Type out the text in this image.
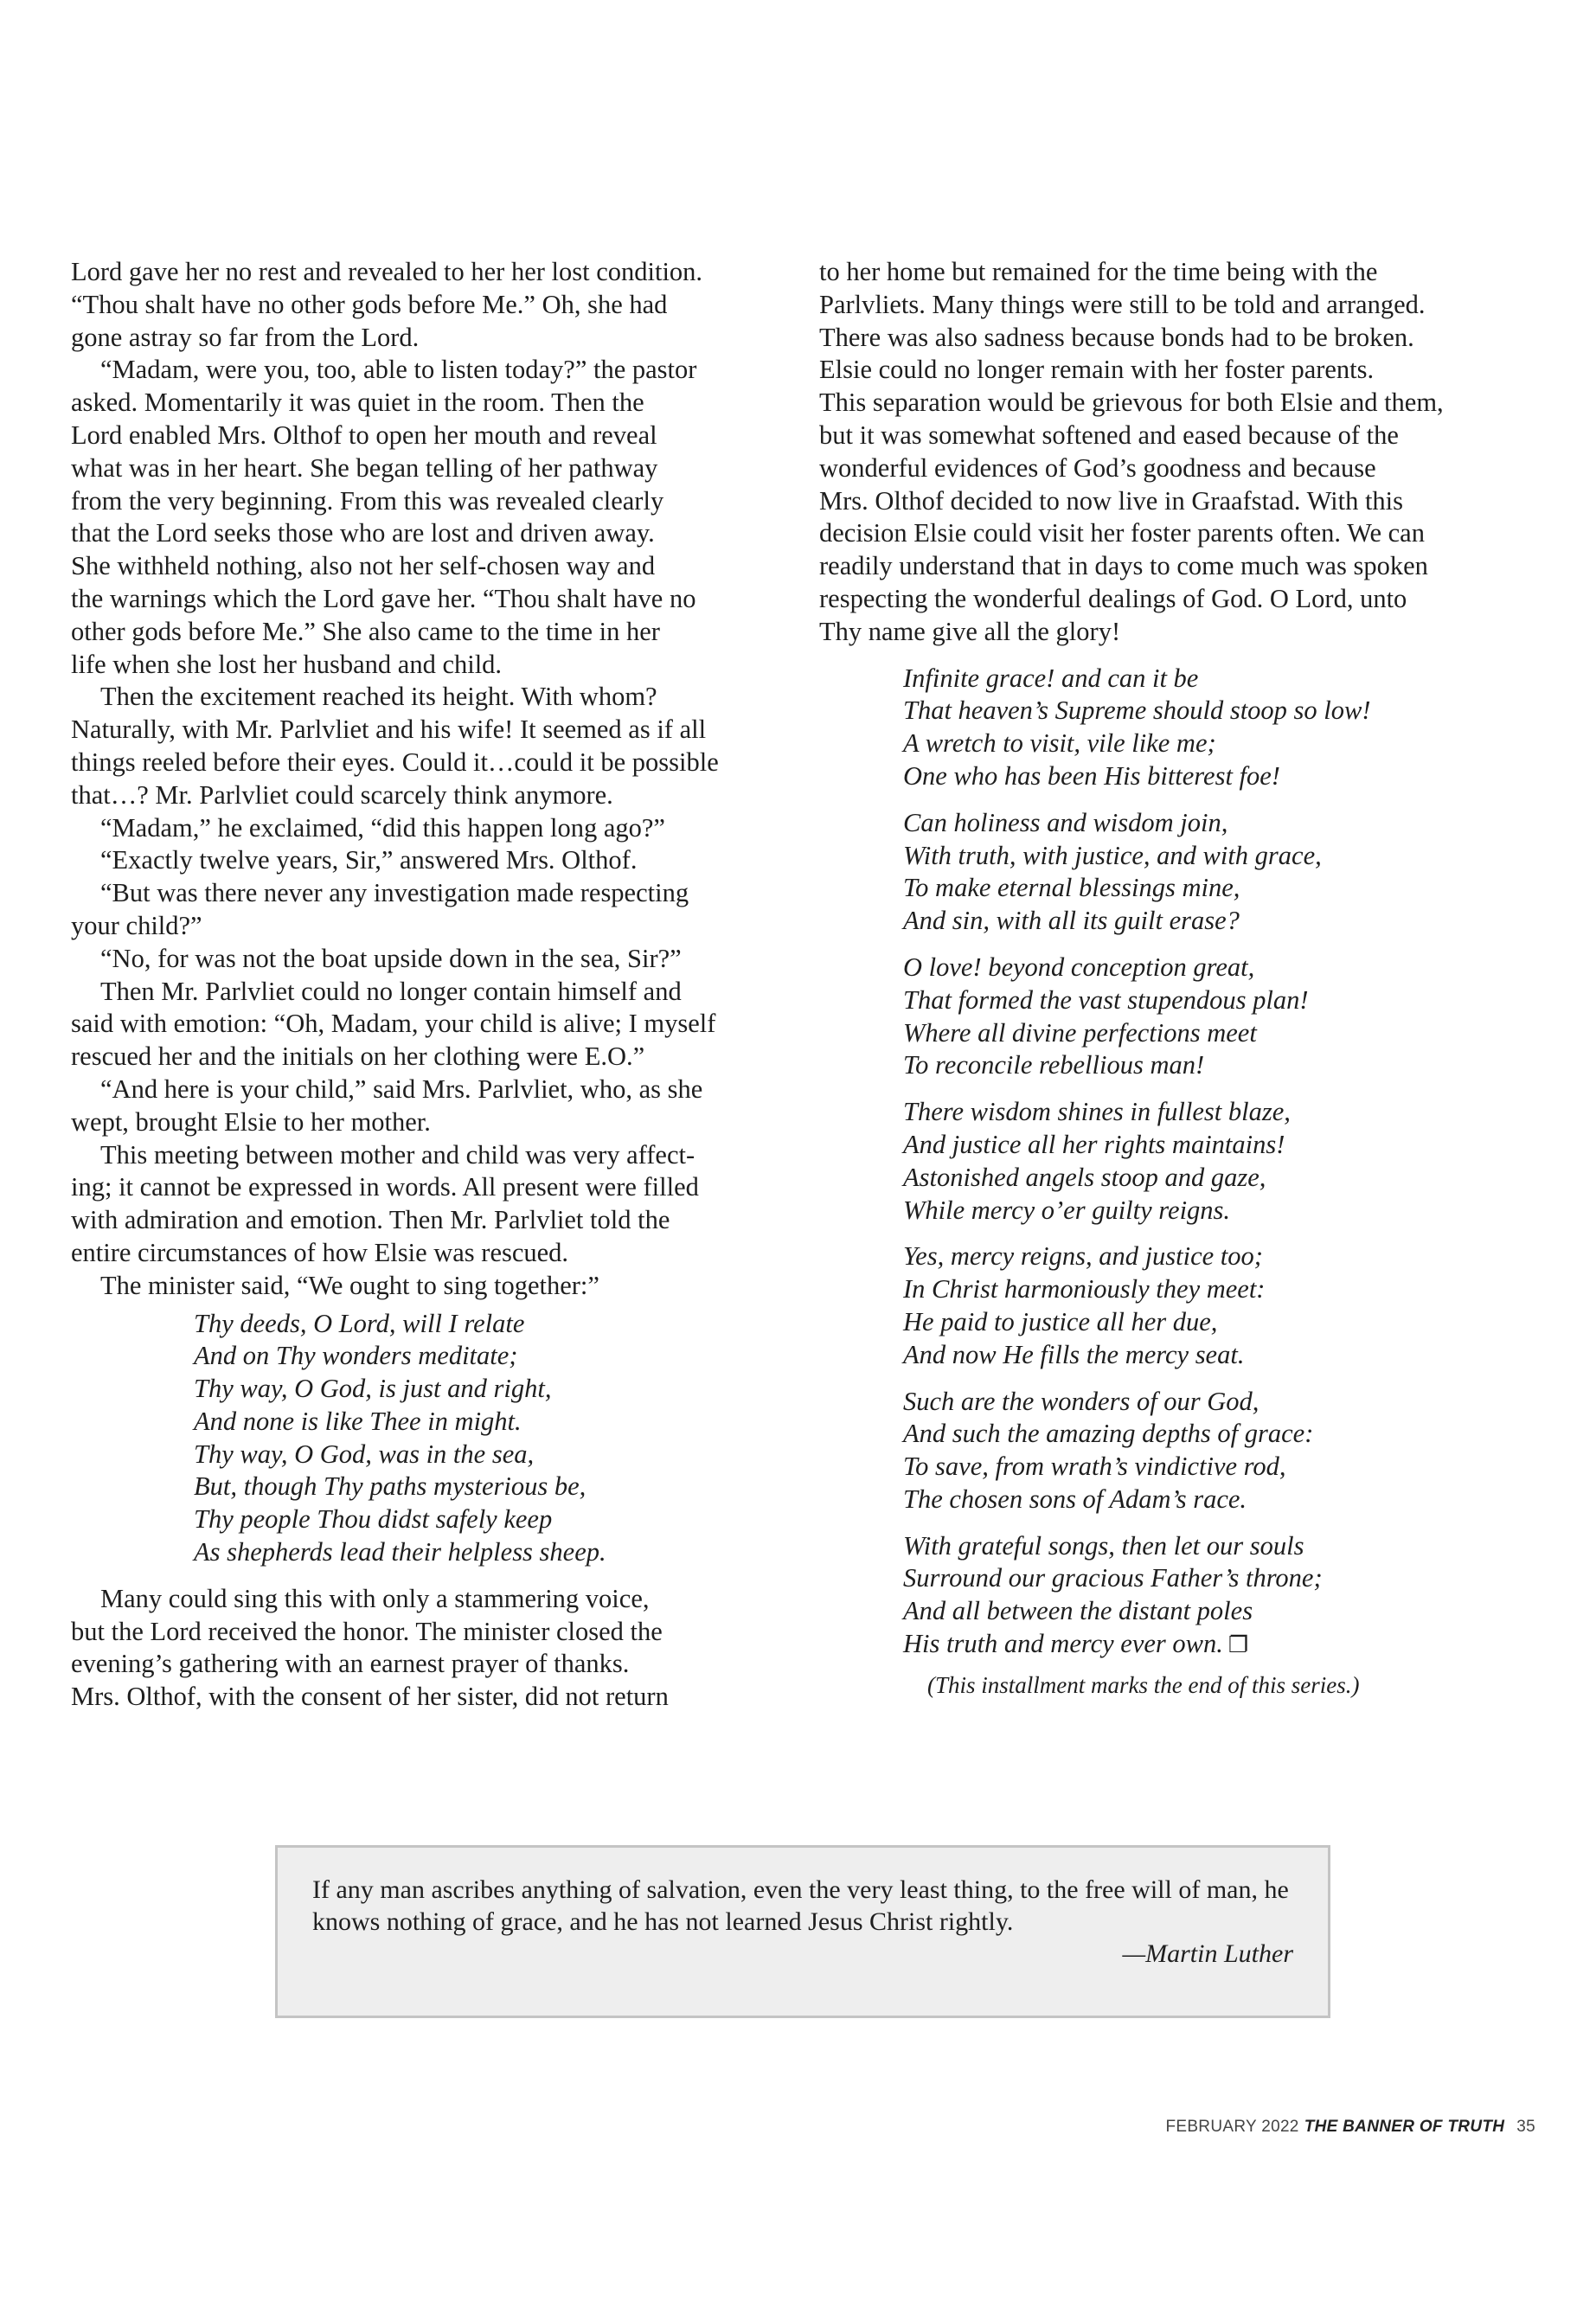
Lord gave her no rest and revealed to her her lost condition.
“Thou shalt have no other gods before Me.” Oh, she had
gone astray so far from the Lord.

“Madam, were you, too, able to listen today?” the pastor
asked. Momentarily it was quiet in the room. Then the
Lord enabled Mrs. Olthof to open her mouth and reveal
what was in her heart. She began telling of her pathway
from the very beginning. From this was revealed clearly
that the Lord seeks those who are lost and driven away.
She withheld nothing, also not her self-chosen way and
the warnings which the Lord gave her. “Thou shalt have no
other gods before Me.” She also came to the time in her
life when she lost her husband and child.

Then the excitement reached its height. With whom?
Naturally, with Mr. Parlvliet and his wife! It seemed as if all
things reeled before their eyes. Could it…could it be possible
that…? Mr. Parlvliet could scarcely think anymore.

“Madam,” he exclaimed, “did this happen long ago?”

“Exactly twelve years, Sir,” answered Mrs. Olthof.

“But was there never any investigation made respecting
your child?”

“No, for was not the boat upside down in the sea, Sir?”

Then Mr. Parlvliet could no longer contain himself and
said with emotion: “Oh, Madam, your child is alive; I myself
rescued her and the initials on her clothing were E.O.”

“And here is your child,” said Mrs. Parlvliet, who, as she
wept, brought Elsie to her mother.

This meeting between mother and child was very affect-
ing; it cannot be expressed in words. All present were filled
with admiration and emotion. Then Mr. Parlvliet told the
entire circumstances of how Elsie was rescued.

The minister said, “We ought to sing together:”

Thy deeds, O Lord, will I relate
And on Thy wonders meditate;
Thy way, O God, is just and right,
And none is like Thee in might.
Thy way, O God, was in the sea,
But, though Thy paths mysterious be,
Thy people Thou didst safely keep
As shepherds lead their helpless sheep.

Many could sing this with only a stammering voice,
but the Lord received the honor. The minister closed the
evening’s gathering with an earnest prayer of thanks.
Mrs. Olthof, with the consent of her sister, did not return

to her home but remained for the time being with the
Parlvliets. Many things were still to be told and arranged.
There was also sadness because bonds had to be broken.
Elsie could no longer remain with her foster parents.
This separation would be grievous for both Elsie and them,
but it was somewhat softened and eased because of the
wonderful evidences of God’s goodness and because
Mrs. Olthof decided to now live in Graafstad. With this
decision Elsie could visit her foster parents often. We can
readily understand that in days to come much was spoken
respecting the wonderful dealings of God. O Lord, unto
Thy name give all the glory!

Infinite grace! and can it be
That heaven’s Supreme should stoop so low!
A wretch to visit, vile like me;
One who has been His bitterest foe!

Can holiness and wisdom join,
With truth, with justice, and with grace,
To make eternal blessings mine,
And sin, with all its guilt erase?

O love! beyond conception great,
That formed the vast stupendous plan!
Where all divine perfections meet
To reconcile rebellious man!

There wisdom shines in fullest blaze,
And justice all her rights maintains!
Astonished angels stoop and gaze,
While mercy o’er guilty reigns.

Yes, mercy reigns, and justice too;
In Christ harmoniously they meet:
He paid to justice all her due,
And now He fills the mercy seat.

Such are the wonders of our God,
And such the amazing depths of grace:
To save, from wrath’s vindictive rod,
The chosen sons of Adam’s race.

With grateful songs, then let our souls
Surround our gracious Father’s throne;
And all between the distant poles
His truth and mercy ever own. ❐

(This installment marks the end of this series.)

If any man ascribes anything of salvation, even the very least thing, to the free will of man, he knows nothing of grace, and he has not learned Jesus Christ rightly.

—Martin Luther

FEBRUARY 2022 THE BANNER OF TRUTH 35
